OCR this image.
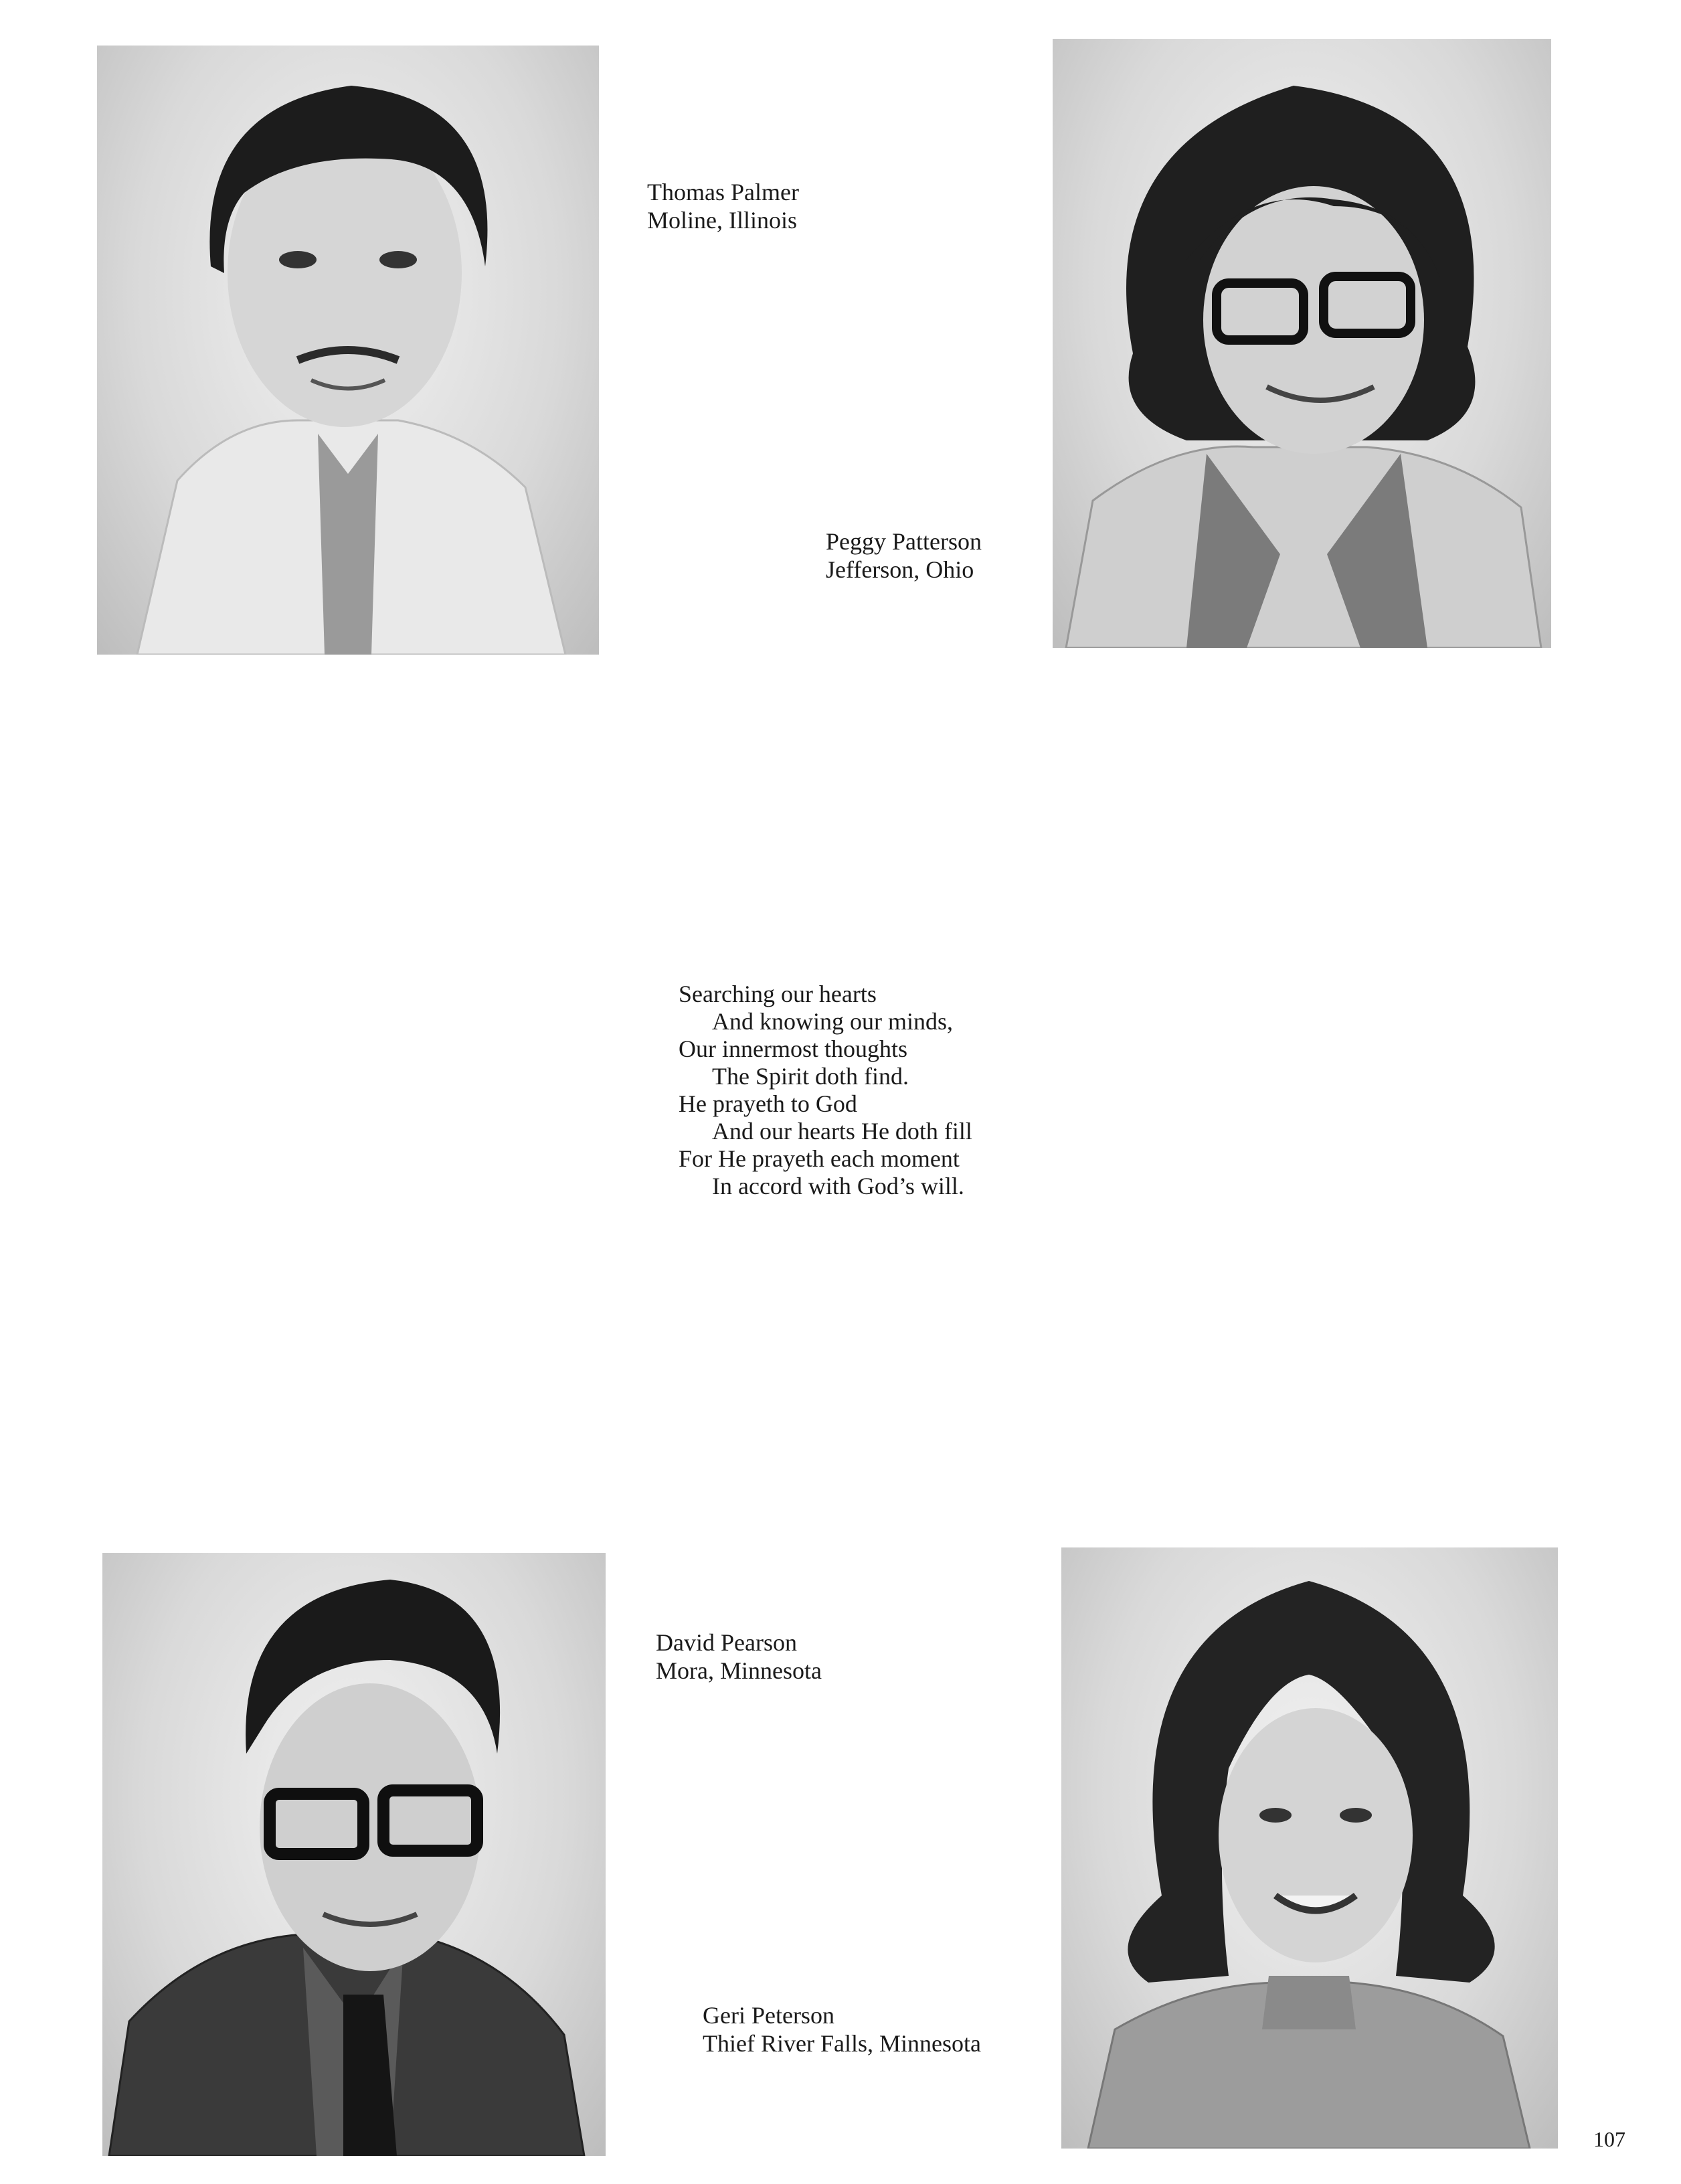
Thomas Palmer
Moline, Illinois
Peggy Patterson
Jefferson, Ohio
Searching our hearts
And knowing our minds,
Our innermost thoughts
The Spirit doth find.
He prayeth to God
And our hearts He doth fill
For He prayeth each moment
In accord with God’s will.
David Pearson
Mora, Minnesota
Geri Peterson
Thief River Falls, Minnesota
107
